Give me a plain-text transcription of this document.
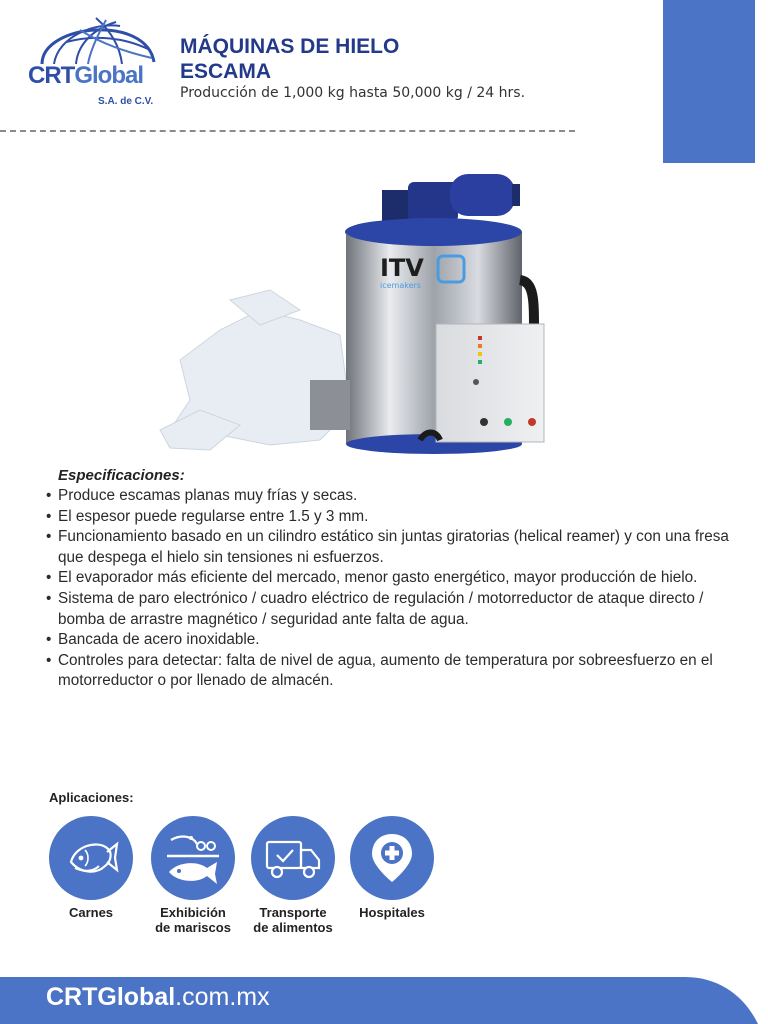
CRTGlobal
S.A. de C.V.
MÁQUINAS DE HIELO
ESCAMA
Producción de 1,000 kg hasta 50,000 kg / 24 hrs.
ITV
icemakers
Especificaciones:
• Produce escamas planas muy frías y secas.
• El espesor puede regularse entre 1.5 y 3 mm.
• Funcionamiento basado en un cilindro estático sin juntas giratorias (helical reamer) y con una fresa que despega el hielo sin tensiones ni esfuerzos.
• El evaporador más eficiente del mercado, menor gasto energético, mayor producción de hielo.
• Sistema de paro electrónico / cuadro eléctrico de regulación / motorreductor de ataque directo / bomba de arrastre magnético / seguridad ante falta de agua.
• Bancada de acero inoxidable.
• Controles para detectar: falta de nivel de agua, aumento de temperatura por sobreesfuerzo en el motorreductor o por llenado de almacén.
Aplicaciones:
Carnes	Exhibición
de mariscos
Transporte
de alimentos
Hospitales
CRTGlobal.com.mx
